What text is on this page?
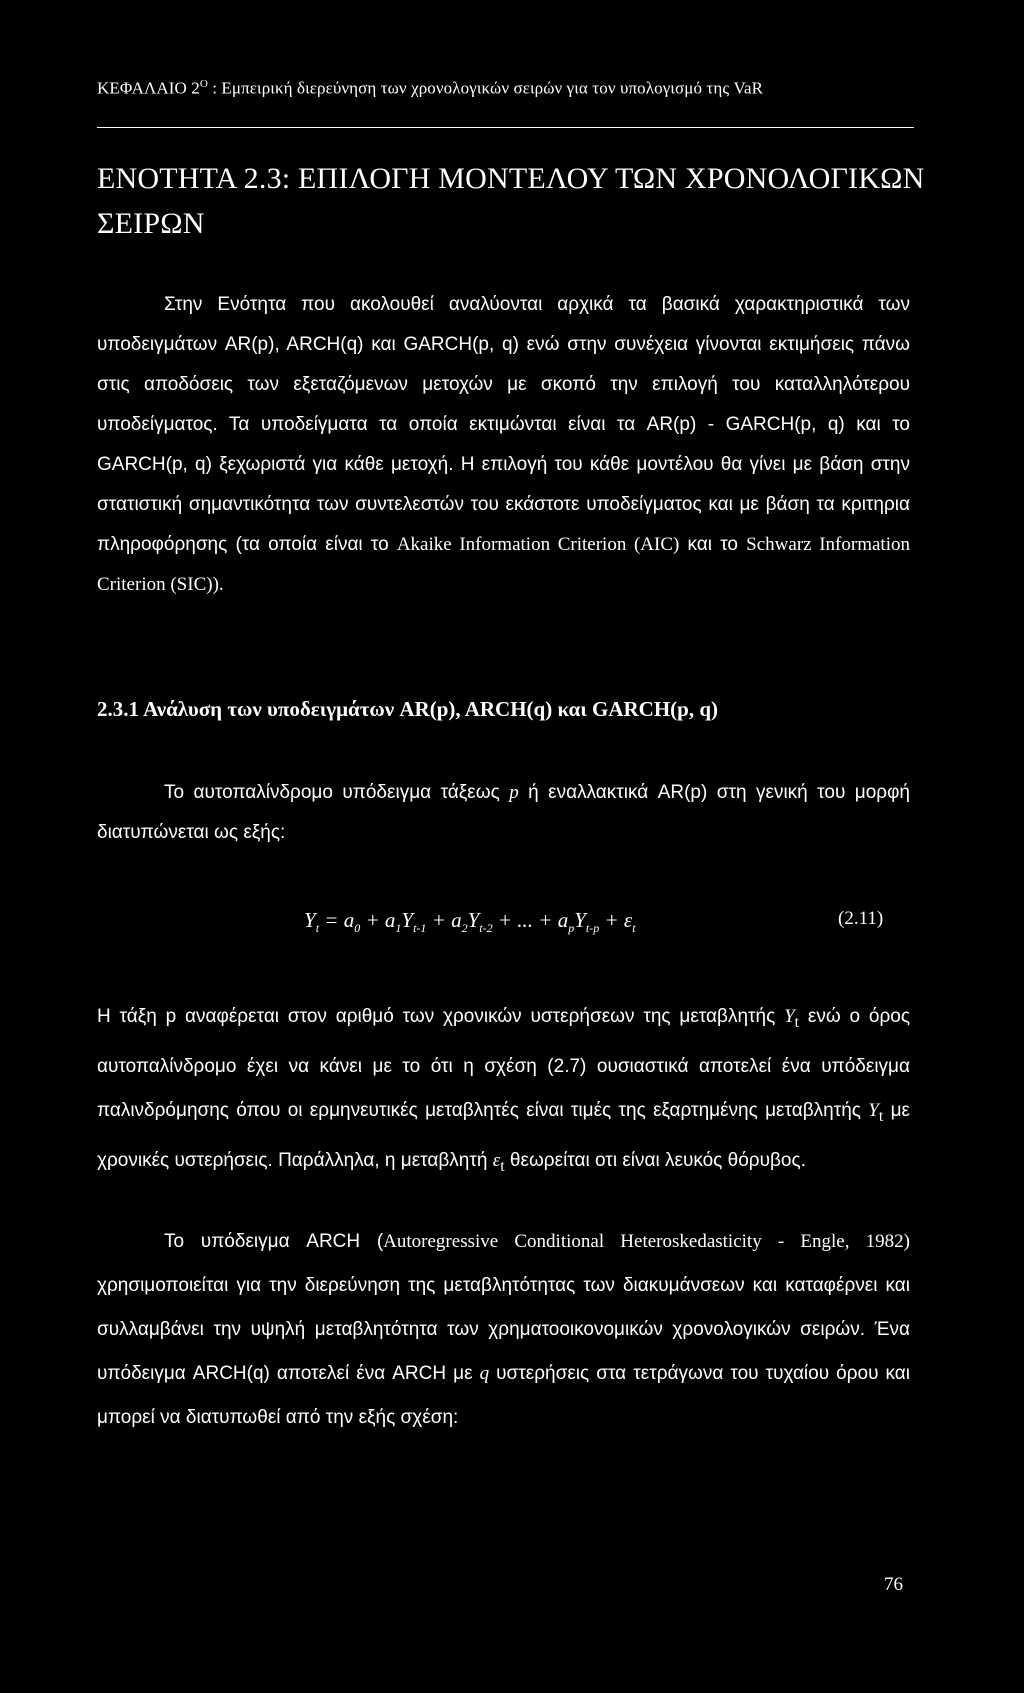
ΚΕΦΑΛΑΙΟ $2^O$ : Εμπειρική διερεύνηση των χρονολογικών σειρών για τον υπολογισμό της VaR
ΕΝΟΤΗΤΑ 2.3: ΕΠΙΛΟΓΗ ΜΟΝΤΕΛΟΥ ΤΩΝ ΧΡΟΝΟΛΟΓΙΚΩΝ ΣΕΙΡΩΝ

Στην Ενότητα που ακολουθεί αναλύονται αρχικά τα βασικά χαρακτηριστικά των υποδειγμάτων AR(p), ARCH(q) και GARCH(p, q) ενώ στην συνέχεια γίνονται εκτιμήσεις πάνω στις αποδόσεις των εξεταζόμενων μετοχών με σκοπό την επιλογή του καταλληλότερου υποδείγματος. Τα υποδείγματα τα οποία εκτιμώνται είναι τα AR(p) - GARCH(p, q) και το GARCH(p, q) ξεχωριστά για κάθε μετοχή. Η επιλογή του κάθε μοντέλου θα γίνει με βάση στην στατιστική σημαντικότητα των συντελεστών του εκάστοτε υποδείγματος και με βάση τα κριτηρια πληροφόρησης (τα οποία είναι το Akaike Information Criterion (AIC) και το Schwarz Information Criterion (SIC)).

2.3.1 Ανάλυση των υποδειγμάτων AR(p), ARCH(q) και GARCH(p, q)

Το αυτοπαλίνδρομο υπόδειγμα τάξεως p ή εναλλακτικά AR(p) στη γενική του μορφή διατυπώνεται ως εξής:

$Y_t = a_0 + a_1Y_{t-1} + a_2Y_{t-2}$ + ... + $a_pY_{t-p} + \varepsilon_t$	(2.11)

Η τάξη p αναφέρεται στον αριθμό των χρονικών υστερήσεων της μεταβλητής $Y_t$ ενώ ο όρος αυτοπαλίνδρομο έχει να κάνει με το ότι η σχέση (2.7) ουσιαστικά αποτελεί ένα υπόδειγμα παλινδρόμησης όπου οι ερμηνευτικές μεταβλητές είναι τιμές της εξαρτημένης μεταβλητής $Y_t$ με χρονικές υστερήσεις. Παράλληλα, η μεταβλητή $\varepsilon_t$ θεωρείται οτι είναι λευκός θόρυβος.

Το υπόδειγμα ARCH (Autoregressive Conditional Heteroskedasticity - Engle, 1982) χρησιμοποιείται για την διερεύνηση της μεταβλητότητας των διακυμάνσεων και καταφέρνει και συλλαμβάνει την υψηλή μεταβλητότητα των χρηματοοικονομικών χρονολογικών σειρών. Ένα υπόδειγμα ARCH(q) αποτελεί ένα ARCH με q υστερήσεις στα τετράγωνα του τυχαίου όρου και μπορεί να διατυπωθεί από την εξής σχέση:

76
